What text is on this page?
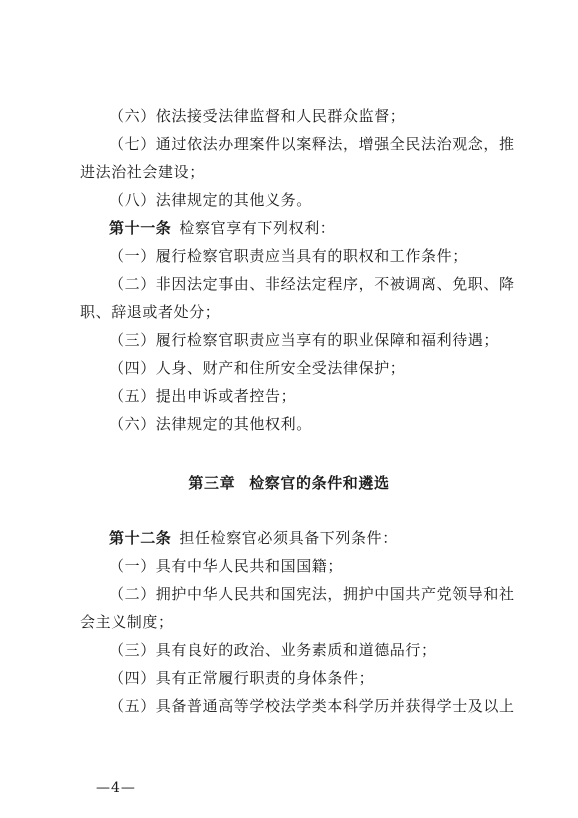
（六）依法接受法律监督和人民群众监督；
（七）通过依法办理案件以案释法，增强全民法治观念，推
进法治社会建设；
（八）法律规定的其他义务。
第十一条 检察官享有下列权利：
（一）履行检察官职责应当具有的职权和工作条件；
（二）非因法定事由、非经法定程序，不被调离、免职、降
职、辞退或者处分；
（三）履行检察官职责应当享有的职业保障和福利待遇；
（四）人身、财产和住所安全受法律保护；
（五）提出申诉或者控告；
（六）法律规定的其他权利。
第三章 检察官的条件和遴选
第十二条 担任检察官必须具备下列条件：
（一）具有中华人民共和国国籍；
（二）拥护中华人民共和国宪法，拥护中国共产党领导和社
会主义制度；
（三）具有良好的政治、业务素质和道德品行；
（四）具有正常履行职责的身体条件；
（五）具备普通高等学校法学类本科学历并获得学士及以上
—4—
